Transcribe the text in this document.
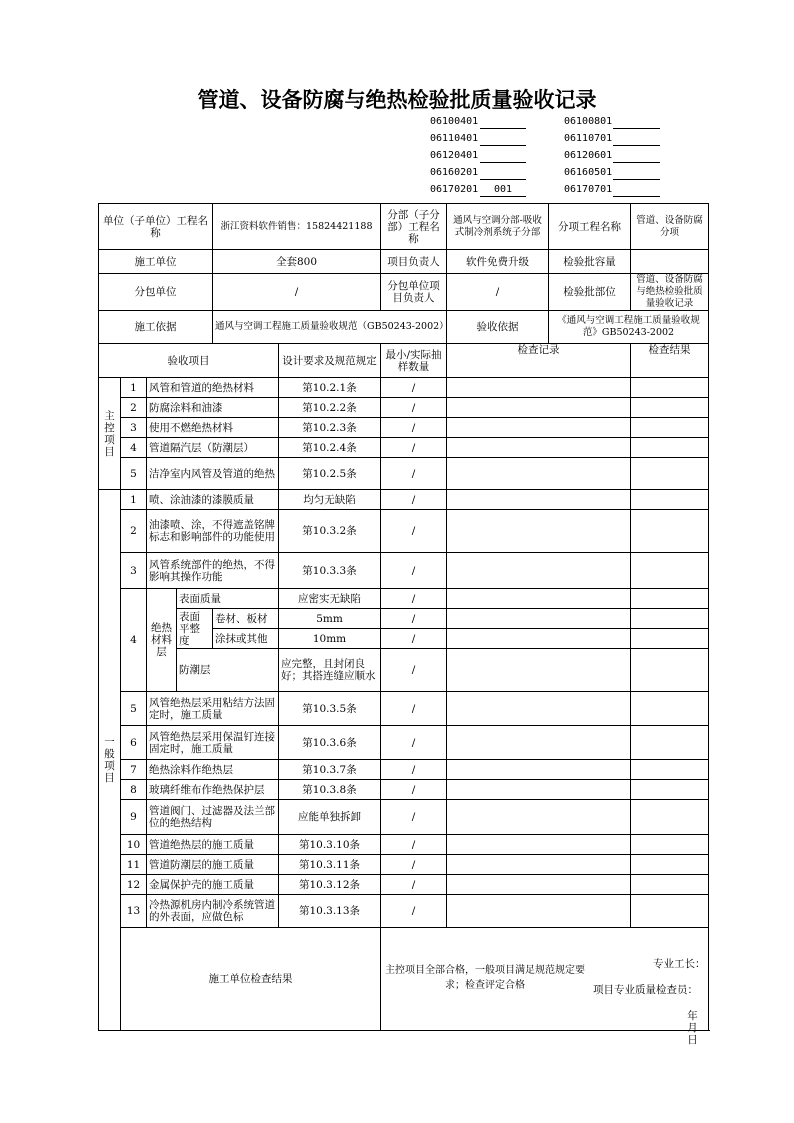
管道、设备防腐与绝热检验批质量验收记录
06100401	06100801
06110401	06110701
06120401	06120601
06160201	06160501
06170201 001	06170701
单位（子单位）工程名称				浙江资料软件销售：15824421188		分部（子分部）工程名称	通风与空调分部-吸收式制冷剂系统子分部	分项工程名称	管道、设备防腐分项
施工单位				全套800		项目负责人	软件免费升级	检验批容量	
分包单位				/		分包单位项目负责人	/	检验批部位	管道、设备防腐与绝热检验批质量验收记录
施工依据				通风与空调工程施工质量验收规范（GB50243-2002）			验收依据	《通风与空调工程施工质量验收规范》GB50243-2002	
验收项目					设计要求及规范规定	最小/实际抽样数量	检查记录		检查结果
主控项目	1	风管和管道的绝热材料			第10.2.1条	/			
	2	防腐涂料和油漆			第10.2.2条	/			
	3	使用不燃绝热材料			第10.2.3条	/			
	4	管道隔汽层（防潮层）			第10.2.4条	/			
	5	洁净室内风管及管道的绝热			第10.2.5条	/			
一般项目	1	喷、涂油漆的漆膜质量			均匀无缺陷	/			
	2	油漆喷、涂，不得遮盖铭牌标志和影响部件的功能使用			第10.3.2条	/			
	3	风管系统部件的绝热，不得影响其操作功能			第10.3.3条	/			
	4	绝热材料层	表面质量		应密实无缺陷	/			
			表面平整度	卷材、板材	5mm	/			
				涂抹或其他	10mm	/			
			防潮层		应完整，且封闭良好；其搭连缝应顺水	/			
	5	风管绝热层采用粘结方法固定时，施工质量			第10.3.5条	/			
	6	风管绝热层采用保温钉连接固定时，施工质量			第10.3.6条	/			
	7	绝热涂料作绝热层			第10.3.7条	/			
	8	玻璃纤维布作绝热保护层			第10.3.8条	/			
	9	管道阀门、过滤器及法兰部位的绝热结构			应能单独拆卸	/			
	10	管道绝热层的施工质量			第10.3.10条	/			
	11	管道防潮层的施工质量			第10.3.11条	/			
	12	金属保护壳的施工质量			第10.3.12条	/			
	13	冷热源机房内制冷系统管道的外表面，应做色标			第10.3.13条	/			
	施工单位检查结果					主控项目全部合格，一般项目满足规范规定要求；检查评定合格
专业工长：
项目专业质量检查员：
年　月　日			
